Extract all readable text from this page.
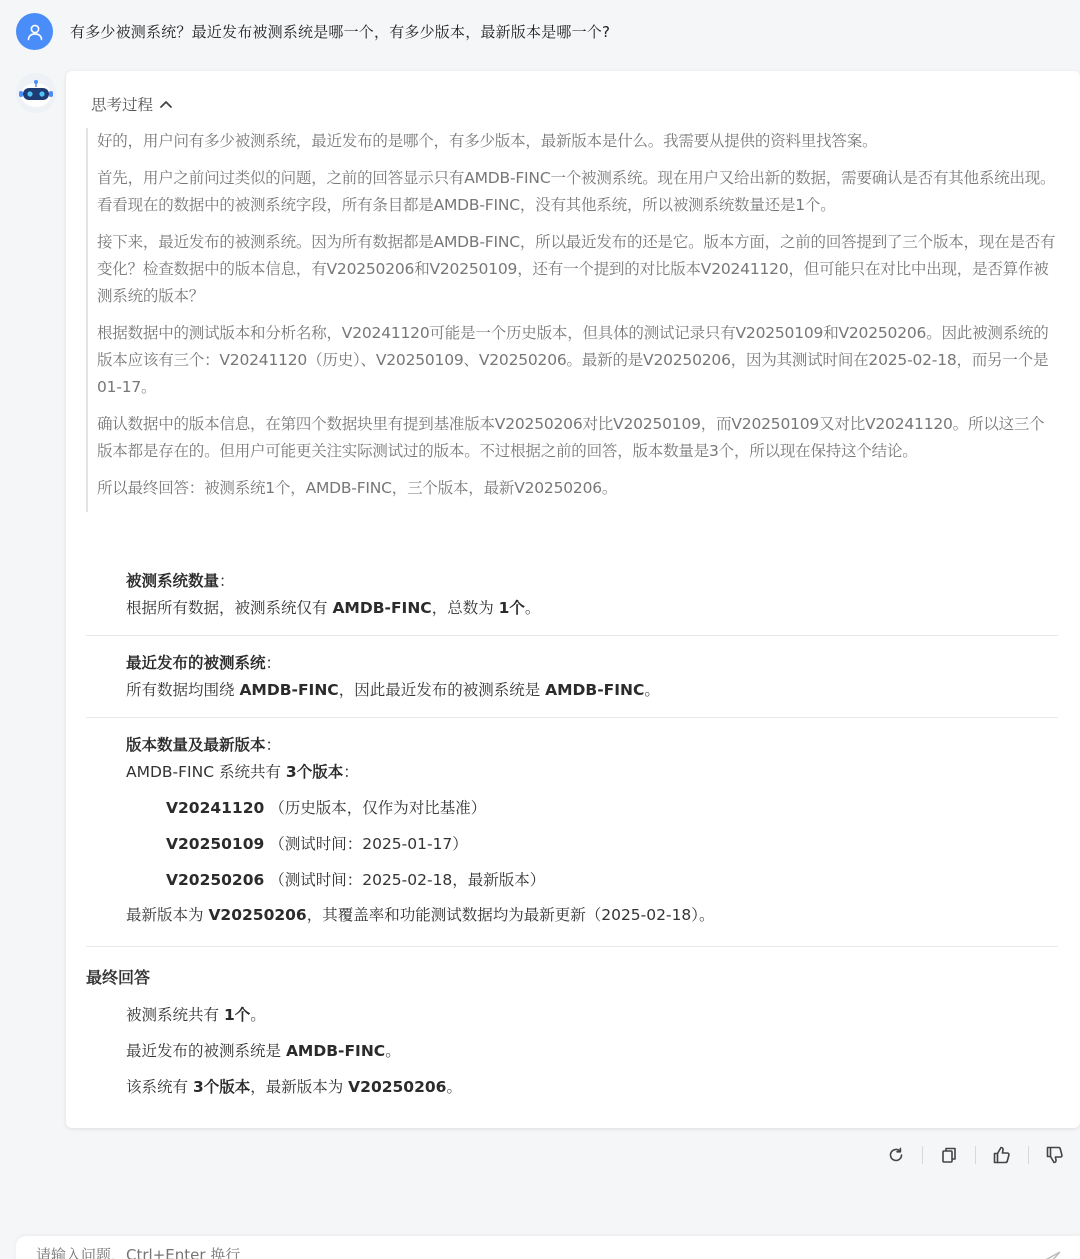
有多少被测系统？最近发布被测系统是哪一个，有多少版本，最新版本是哪一个?
思考过程

好的，用户问有多少被测系统，最近发布的是哪个，有多少版本，最新版本是什么。我需要从提供的资料里找答案。

首先，用户之前问过类似的问题，之前的回答显示只有AMDB-FINC一个被测系统。现在用户又给出新的数据，需要确认是否有其他系统出现。看看现在的数据中的被测系统字段，所有条目都是AMDB-FINC，没有其他系统，所以被测系统数量还是1个。

接下来，最近发布的被测系统。因为所有数据都是AMDB-FINC，所以最近发布的还是它。版本方面，之前的回答提到了三个版本，现在是否有变化？检查数据中的版本信息，有V20250206和V20250109，还有一个提到的对比版本V20241120，但可能只在对比中出现，是否算作被测系统的版本？

根据数据中的测试版本和分析名称，V20241120可能是一个历史版本，但具体的测试记录只有V20250109和V20250206。因此被测系统的版本应该有三个：V20241120（历史）、V20250109、V20250206。最新的是V20250206，因为其测试时间在2025-02-18，而另一个是01-17。

确认数据中的版本信息，在第四个数据块里有提到基准版本V20250206对比V20250109，而V20250109又对比V20241120。所以这三个版本都是存在的。但用户可能更关注实际测试过的版本。不过根据之前的回答，版本数量是3个，所以现在保持这个结论。

所以最终回答：被测系统1个，AMDB-FINC，三个版本，最新V20250206。

被测系统数量：
根据所有数据，被测系统仅有 AMDB-FINC，总数为 1个。
最近发布的被测系统：
所有数据均围绕 AMDB-FINC，因此最近发布的被测系统是 AMDB-FINC。
版本数量及最新版本：
AMDB-FINC 系统共有 3个版本：
V20241120 （历史版本，仅作为对比基准）
V20250109 （测试时间：2025-01-17）
V20250206 （测试时间：2025-02-18，最新版本）
最新版本为 V20250206，其覆盖率和功能测试数据均为最新更新（2025-02-18）。
最终回答
被测系统共有 1个。
最近发布的被测系统是 AMDB-FINC。
该系统有 3个版本，最新版本为 V20250206。
请输入问题，Ctrl+Enter 换行
